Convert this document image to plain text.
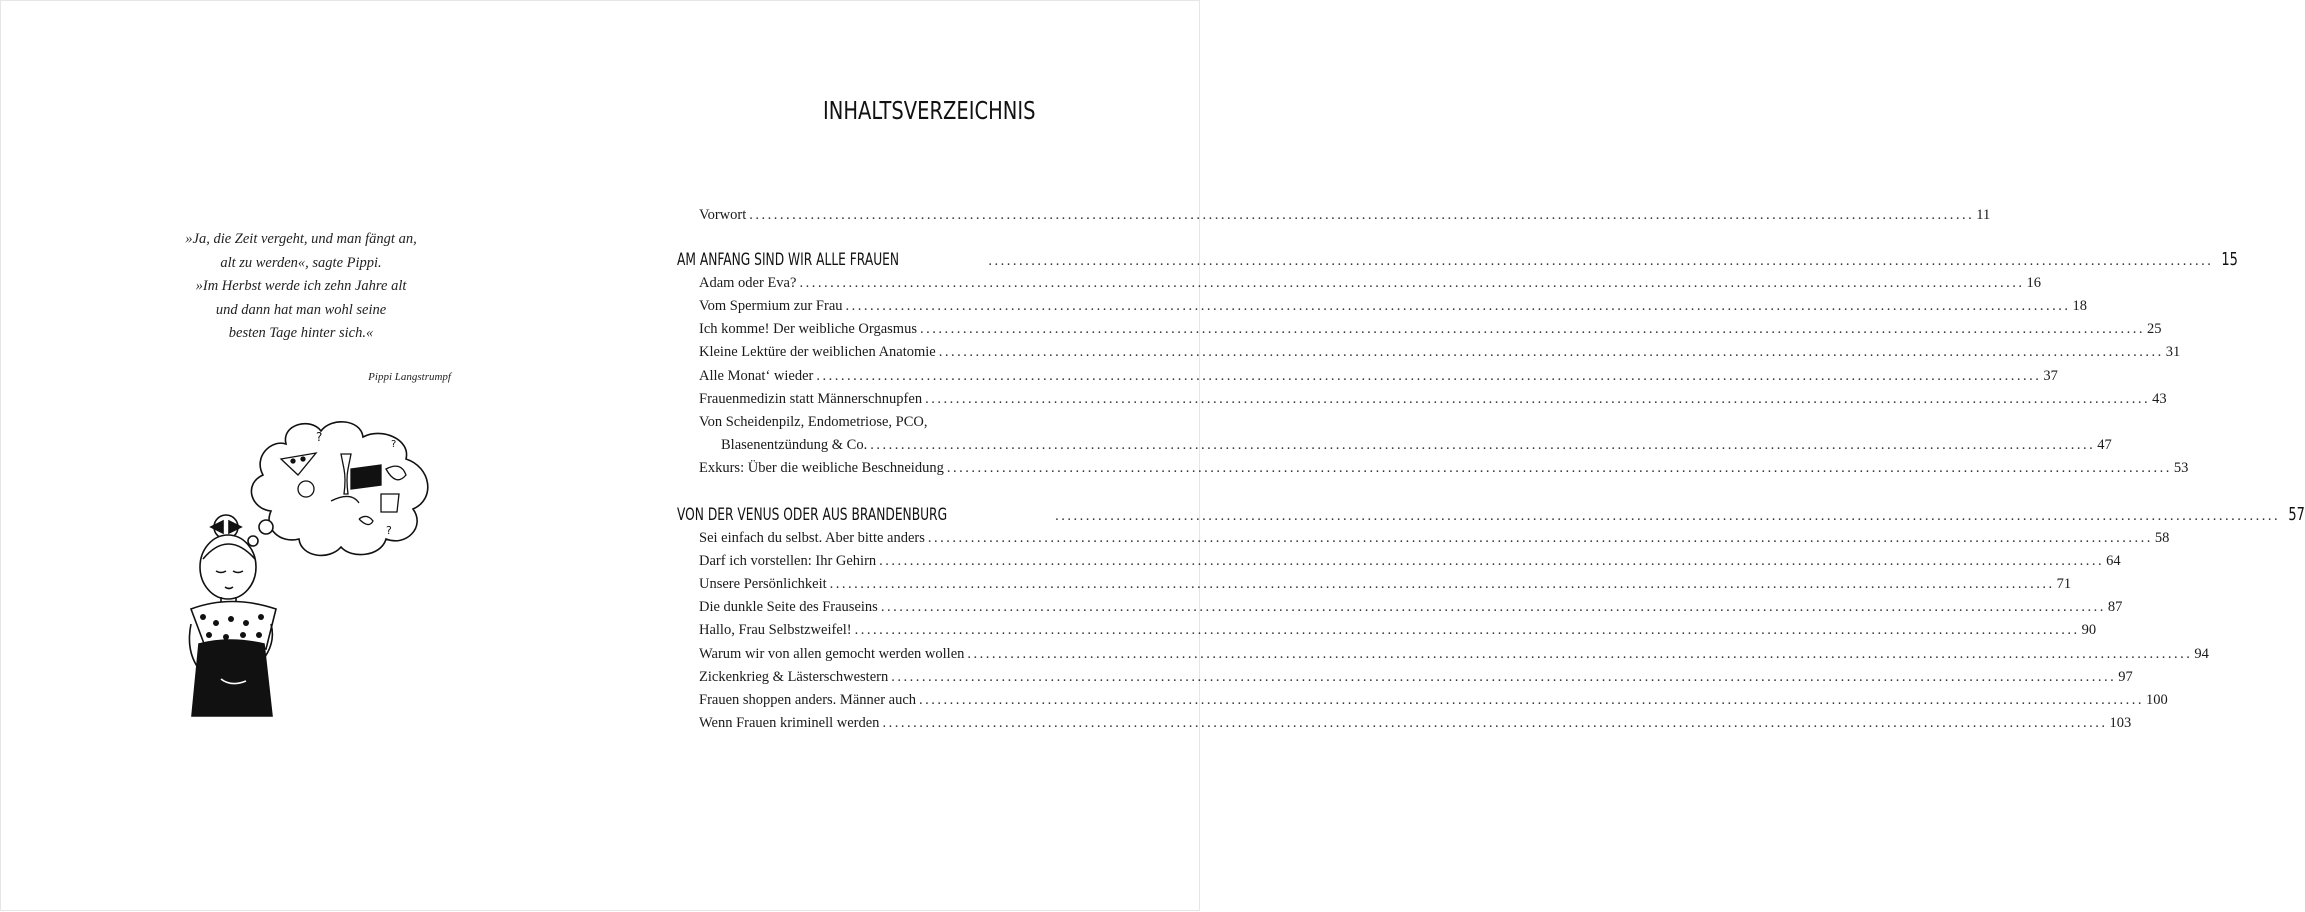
»Ja, die Zeit vergeht, und man fängt an,
alt zu werden«, sagte Pippi.
»Im Herbst werde ich zehn Jahre alt
und dann hat man wohl seine
besten Tage hinter sich.«
Pippi Langstrumpf
?
?
?
INHALTSVERZEICHNIS
Vorwort ........................................................................................................................................................................................................ 11
AM ANFANG SIND WIR ALLE FRAUEN	........................................................................................................................................................................................................ 15
Adam oder Eva? ........................................................................................................................................................................................................ 16
Vom Spermium zur Frau ........................................................................................................................................................................................................ 18
Ich komme! Der weibliche Orgasmus ........................................................................................................................................................................................................ 25
Kleine Lektüre der weiblichen Anatomie ........................................................................................................................................................................................................ 31
Alle Monat‘ wieder ........................................................................................................................................................................................................ 37
Frauenmedizin statt Männerschnupfen ........................................................................................................................................................................................................ 43
Von Scheidenpilz, Endometriose, PCO,
Blasenentzündung & Co. ........................................................................................................................................................................................................ 47
Exkurs: Über die weibliche Beschneidung ........................................................................................................................................................................................................ 53
VON DER VENUS ODER AUS BRANDENBURG	........................................................................................................................................................................................................ 57
Sei einfach du selbst. Aber bitte anders ........................................................................................................................................................................................................ 58
Darf ich vorstellen: Ihr Gehirn ........................................................................................................................................................................................................ 64
Unsere Persönlichkeit ........................................................................................................................................................................................................ 71
Die dunkle Seite des Frauseins ........................................................................................................................................................................................................ 87
Hallo, Frau Selbstzweifel! ........................................................................................................................................................................................................ 90
Warum wir von allen gemocht werden wollen ........................................................................................................................................................................................................ 94
Zickenkrieg & Lästerschwestern ........................................................................................................................................................................................................ 97
Frauen shoppen anders. Männer auch ........................................................................................................................................................................................................ 100
Wenn Frauen kriminell werden ........................................................................................................................................................................................................ 103
